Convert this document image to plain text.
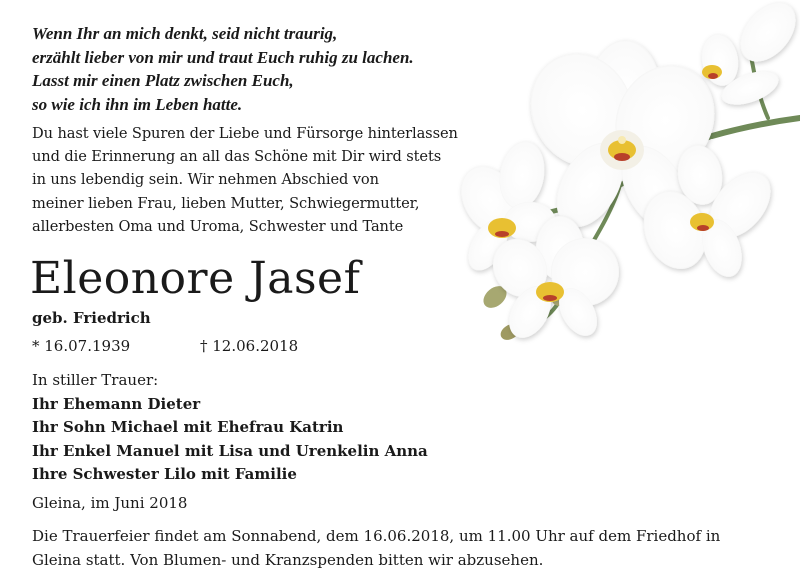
Wenn Ihr an mich denkt, seid nicht traurig,
erzählt lieber von mir und traut Euch ruhig zu lachen.
Lasst mir einen Platz zwischen Euch,
so wie ich ihn im Leben hatte.
Du hast viele Spuren der Liebe und Fürsorge hinterlassen
und die Erinnerung an all das Schöne mit Dir wird stets
in uns lebendig sein. Wir nehmen Abschied von
meiner lieben Frau, lieben Mutter, Schwiegermutter,
allerbesten Oma und Uroma, Schwester und Tante
Eleonore Jasef
geb. Friedrich
* 16.07.1939	† 12.06.2018
In stiller Trauer:
Ihr Ehemann Dieter
Ihr Sohn Michael mit Ehefrau Katrin
Ihr Enkel Manuel mit Lisa und Urenkelin Anna
Ihre Schwester Lilo mit Familie
Gleina, im Juni 2018
Die Trauerfeier findet am Sonnabend, dem 16.06.2018, um 11.00 Uhr auf dem Friedhof in
Gleina statt. Von Blumen- und Kranzspenden bitten wir abzusehen.
